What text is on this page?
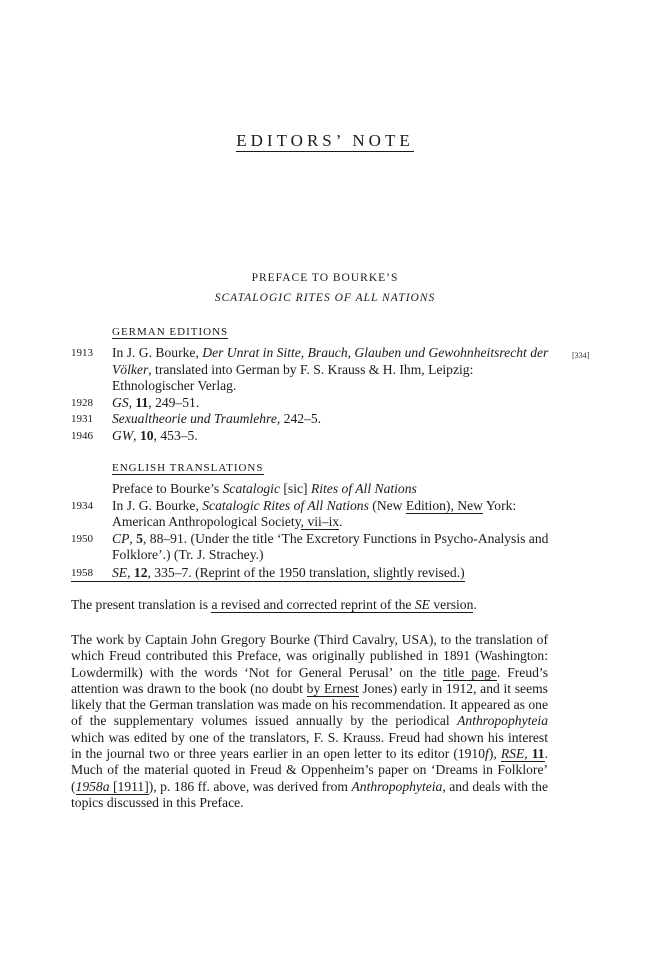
EDITORS’ NOTE
PREFACE TO BOURKE’S
SCATALOGIC RITES OF ALL NATIONS
GERMAN EDITIONS
[334]
1913	In J. G. Bourke, Der Unrat in Sitte, Brauch, Glauben und Gewohnheitsrecht der Völker, translated into German by F. S. Krauss & H. Ihm, Leipzig: Ethnologischer Verlag.
1928	GS, 11, 249–51.
1931	Sexualtheorie und Traumlehre, 242–5.
1946	GW, 10, 453–5.
ENGLISH TRANSLATIONS
Preface to Bourke’s Scatalogic [sic] Rites of All Nations
1934	In J. G. Bourke, Scatalogic Rites of All Nations (New Edition), New York: American Anthropological Society, vii–ix.
1950	CP, 5, 88–91. (Under the title ‘The Excretory Functions in Psycho-Analysis and Folklore’.) (Tr. J. Strachey.)
1958	SE, 12, 335–7. (Reprint of the 1950 translation, slightly revised.)
The present translation is a revised and corrected reprint of the SE version.
The work by Captain John Gregory Bourke (Third Cavalry, USA), to the translation of which Freud contributed this Preface, was originally published in 1891 (Washington: Lowdermilk) with the words ‘Not for General Perusal’ on the title page. Freud’s attention was drawn to the book (no doubt by Ernest Jones) early in 1912, and it seems likely that the German translation was made on his recommendation. It appeared as one of the supplementary volumes issued annually by the periodical Anthropophyteia which was edited by one of the translators, F. S. Krauss. Freud had shown his interest in the journal two or three years earlier in an open letter to its editor (1910f), RSE, 11. Much of the material quoted in Freud & Oppenheim’s paper on ‘Dreams in Folklore’ (1958a [1911]), p. 186 ff. above, was derived from Anthropophyteia, and deals with the topics discussed in this Preface.
